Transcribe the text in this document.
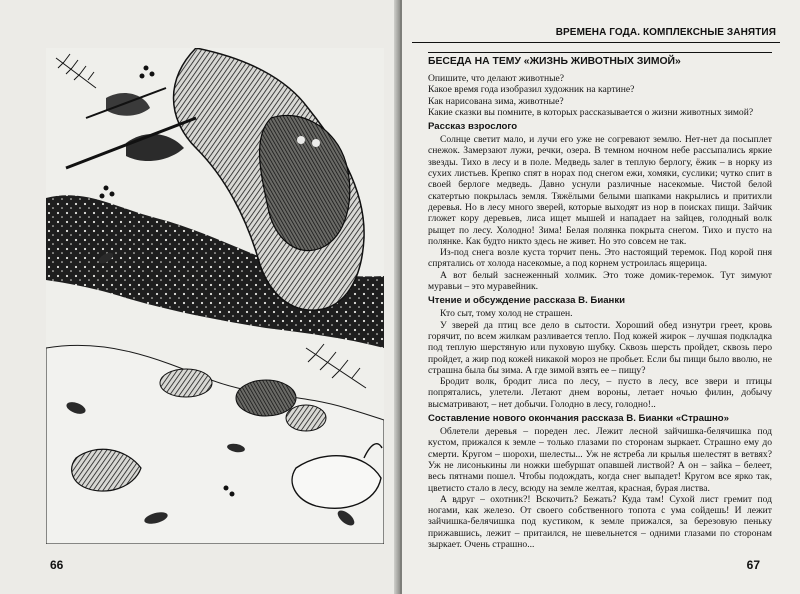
66
ВРЕМЕНА ГОДА. КОМПЛЕКСНЫЕ ЗАНЯТИЯ
БЕСЕДА НА ТЕМУ «ЖИЗНЬ ЖИВОТНЫХ ЗИМОЙ»

Опишите, что делают животные?

Какое время года изобразил художник на картине?

Как нарисована зима, животные?

Какие сказки вы помните, в которых рассказывается о жизни животных зимой?

Рассказ взрослого

Солнце светит мало, и лучи его уже не согревают землю. Нет-нет да посыплет снежок. Замерзают лужи, речки, озера. В темном ночном небе рассыпались яркие звезды. Тихо в лесу и в поле. Медведь залег в теплую берлогу, ёжик – в норку из сухих листьев. Крепко спят в норах под снегом ежи, хомяки, суслики; чутко спит в своей берлоге медведь. Давно уснули различные насекомые. Чистой белой скатертью покрылась земля. Тяжёлыми белыми шапками накрылись и притихли деревья. Но в лесу много зверей, которые выходят из нор в поисках пищи. Зайчик гложет кору деревьев, лиса ищет мышей и нападает на зайцев, голодный волк рыщет по лесу. Холодно! Зима! Белая полянка покрыта снегом. Тихо и пусто на полянке. Как будто никто здесь не живет. Но это совсем не так.

Из-под снега возле куста торчит пень. Это настоящий теремок. Под корой пня спрятались от холода насекомые, а под корнем устроилась ящерица.

А вот белый заснеженный холмик. Это тоже домик-теремок. Тут зимуют муравьи – это муравейник.

Чтение и обсуждение рассказа В. Бианки

Кто сыт, тому холод не страшен.

У зверей да птиц все дело в сытости. Хороший обед изнутри греет, кровь горячит, по всем жилкам разливается тепло. Под кожей жирок – лучшая подкладка под теплую шерстяную или пуховую шубку. Сквозь шерсть пройдет, сквозь перо пройдет, а жир под кожей никакой мороз не пробьет. Если бы пищи было вволю, не страшна была бы зима. А где зимой взять ее – пищу?

Бродит волк, бродит лиса по лесу, – пусто в лесу, все звери и птицы попрятались, улетели. Летают днем вороны, летает ночью филин, добычу высматривают, – нет добычи. Голодно в лесу, голодно!..

Составление нового окончания рассказа В. Бианки «Страшно»

Облетели деревья – пореден лес. Лежит лесной зайчишка-белячишка под кустом, прижался к земле – только глазами по сторонам зыркает. Страшно ему до смерти. Кругом – шорохи, шелесты... Уж не ястреба ли крылья шелестят в ветвях? Уж не лисонькины ли ножки шебуршат опавшей листвой? А он – зайка – белеет, весь пятнами пошел. Чтобы подождать, когда снег выпадет! Кругом все ярко так, цветисто стало в лесу, всюду на земле желтая, красная, бурая листва.

А вдруг – охотник?! Вскочить? Бежать? Куда там! Сухой лист гремит под ногами, как железо. От своего собственного топота с ума сойдешь! И лежит зайчишка-белячишка под кустиком, к земле прижался, за березовую пеньку прижавшись, лежит – притаился, не шевельнется – одними глазами по сторонам зыркает. Очень страшно...

67
